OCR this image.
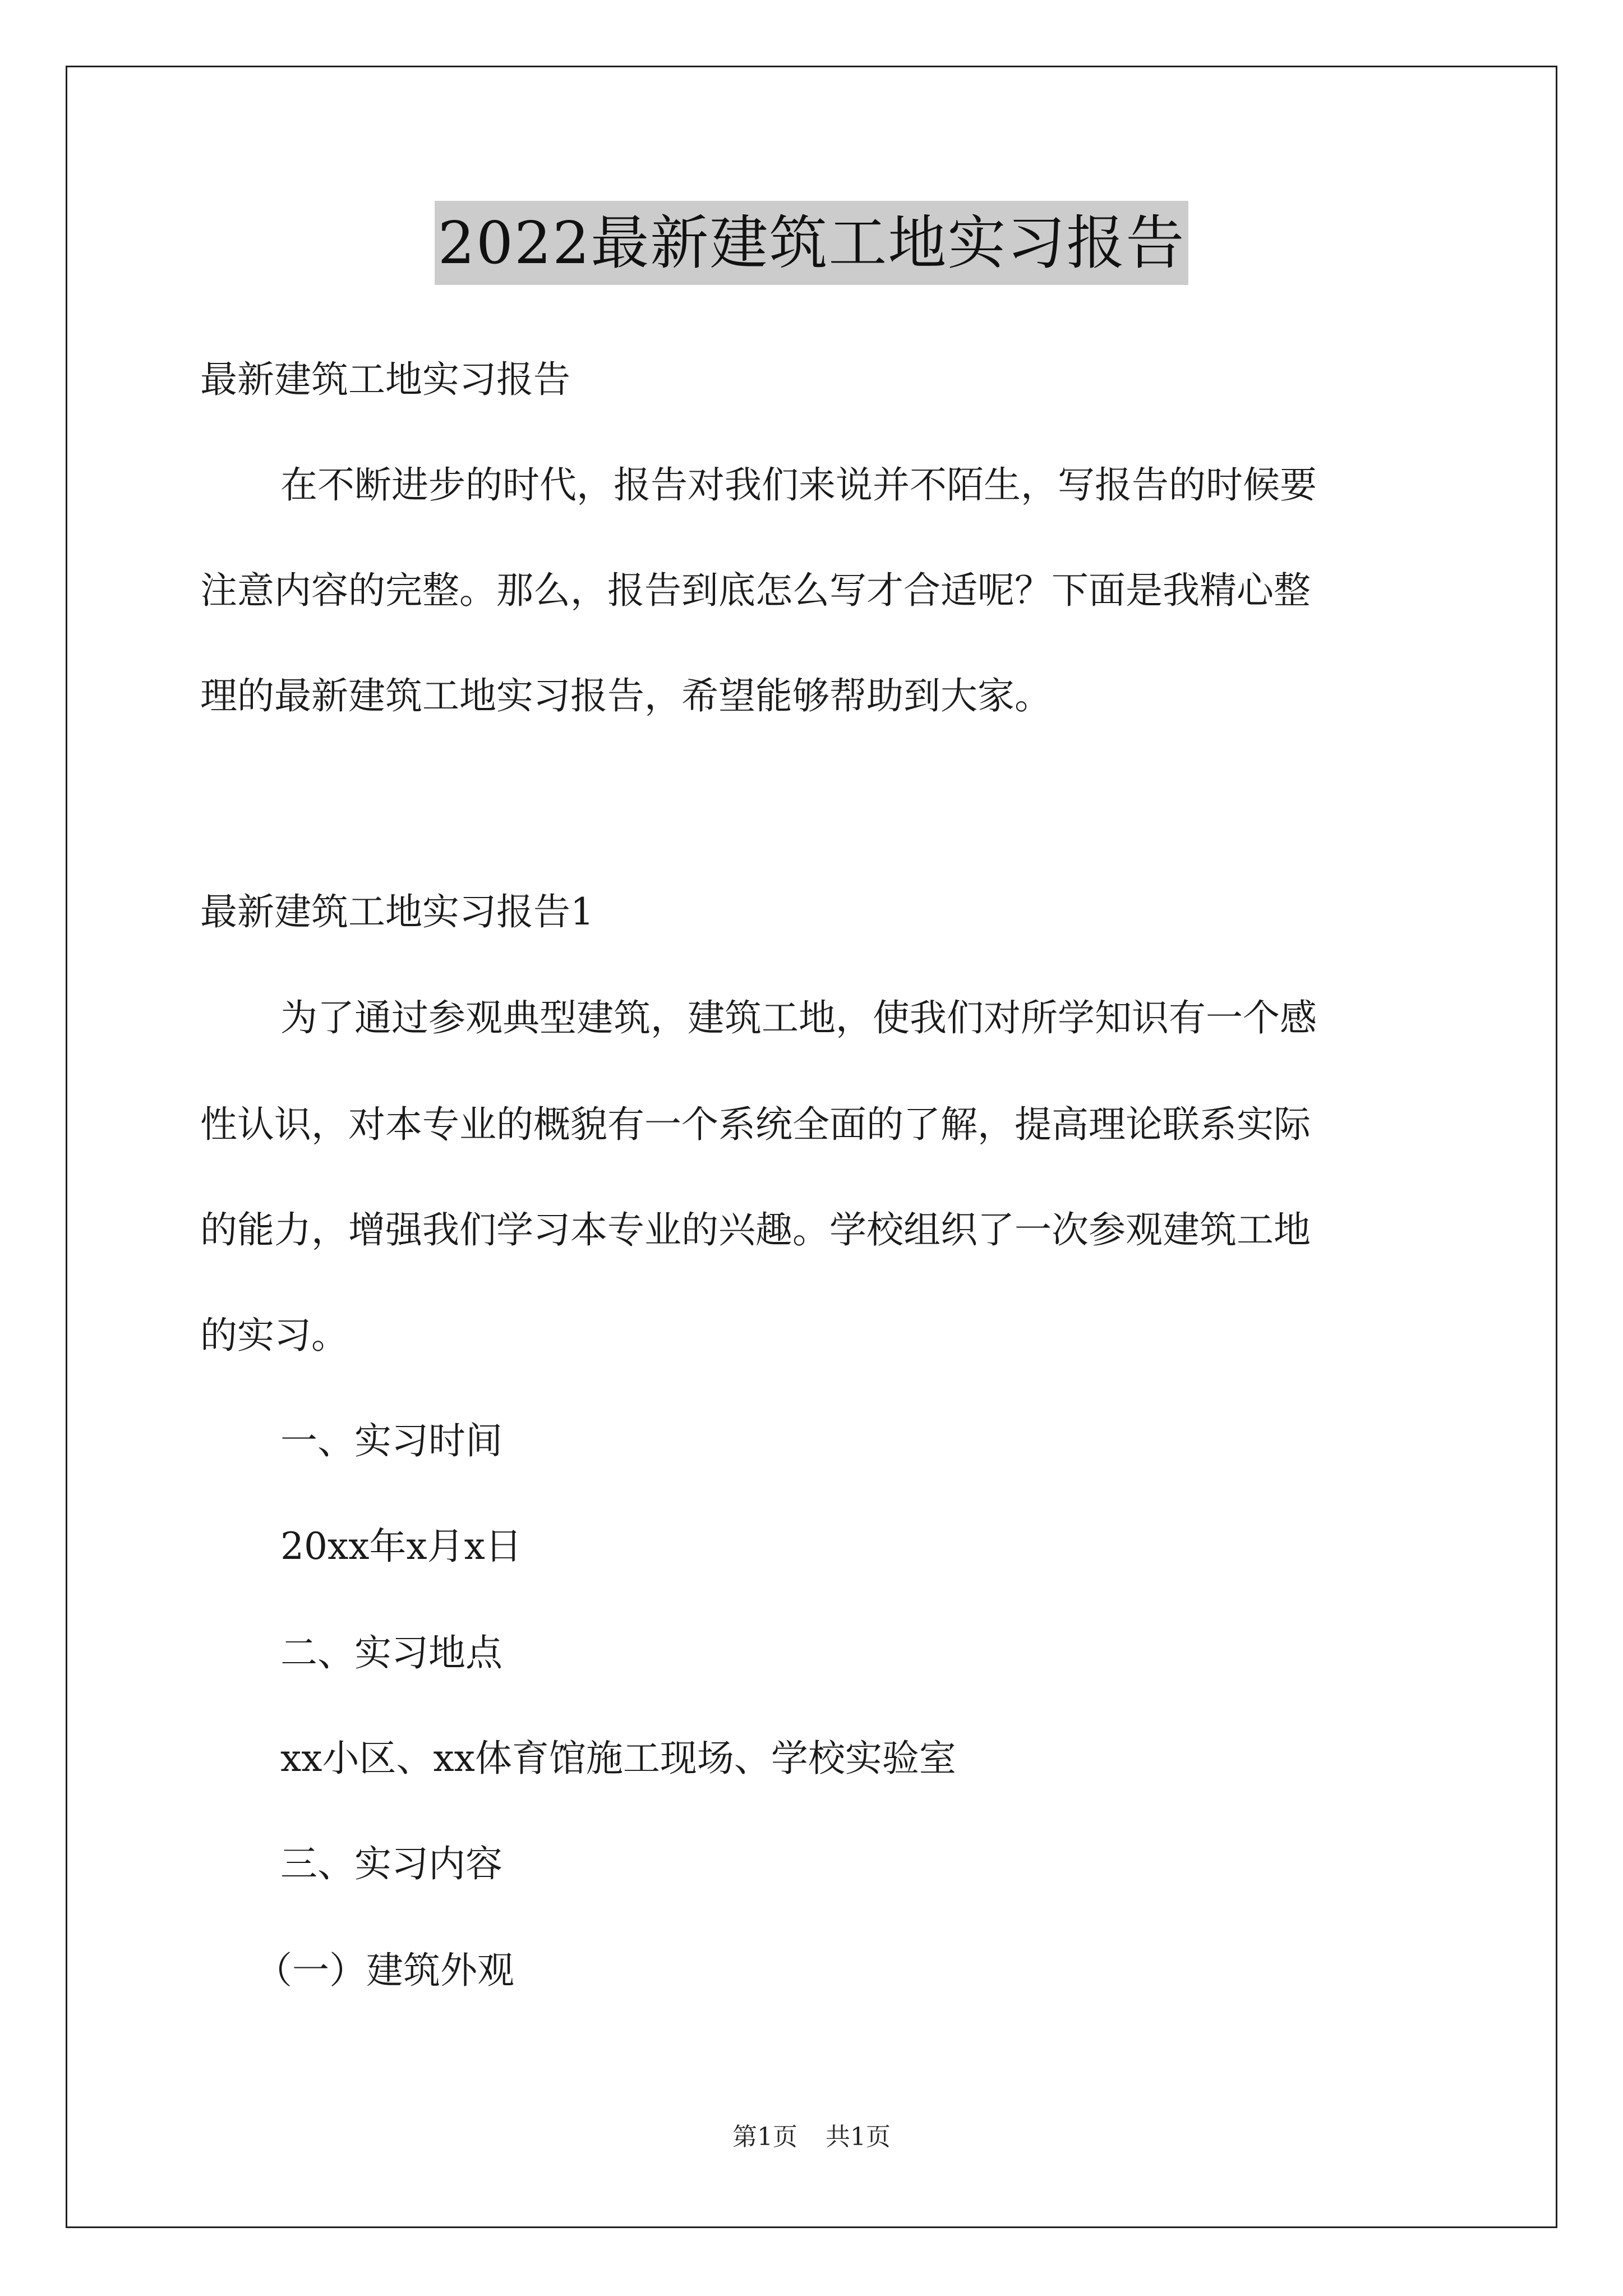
2022最新建筑工地实习报告
最新建筑工地实习报告
在不断进步的时代，报告对我们来说并不陌生，写报告的时候要
注意内容的完整。那么，报告到底怎么写才合适呢？下面是我精心整
理的最新建筑工地实习报告，希望能够帮助到大家。
最新建筑工地实习报告1
为了通过参观典型建筑，建筑工地，使我们对所学知识有一个感
性认识，对本专业的概貌有一个系统全面的了解，提高理论联系实际
的能力，增强我们学习本专业的兴趣。学校组织了一次参观建筑工地
的实习。
一、实习时间
20xx年x月x日
二、实习地点
xx小区、xx体育馆施工现场、学校实验室
三、实习内容
（一）建筑外观
第1页 共1页
